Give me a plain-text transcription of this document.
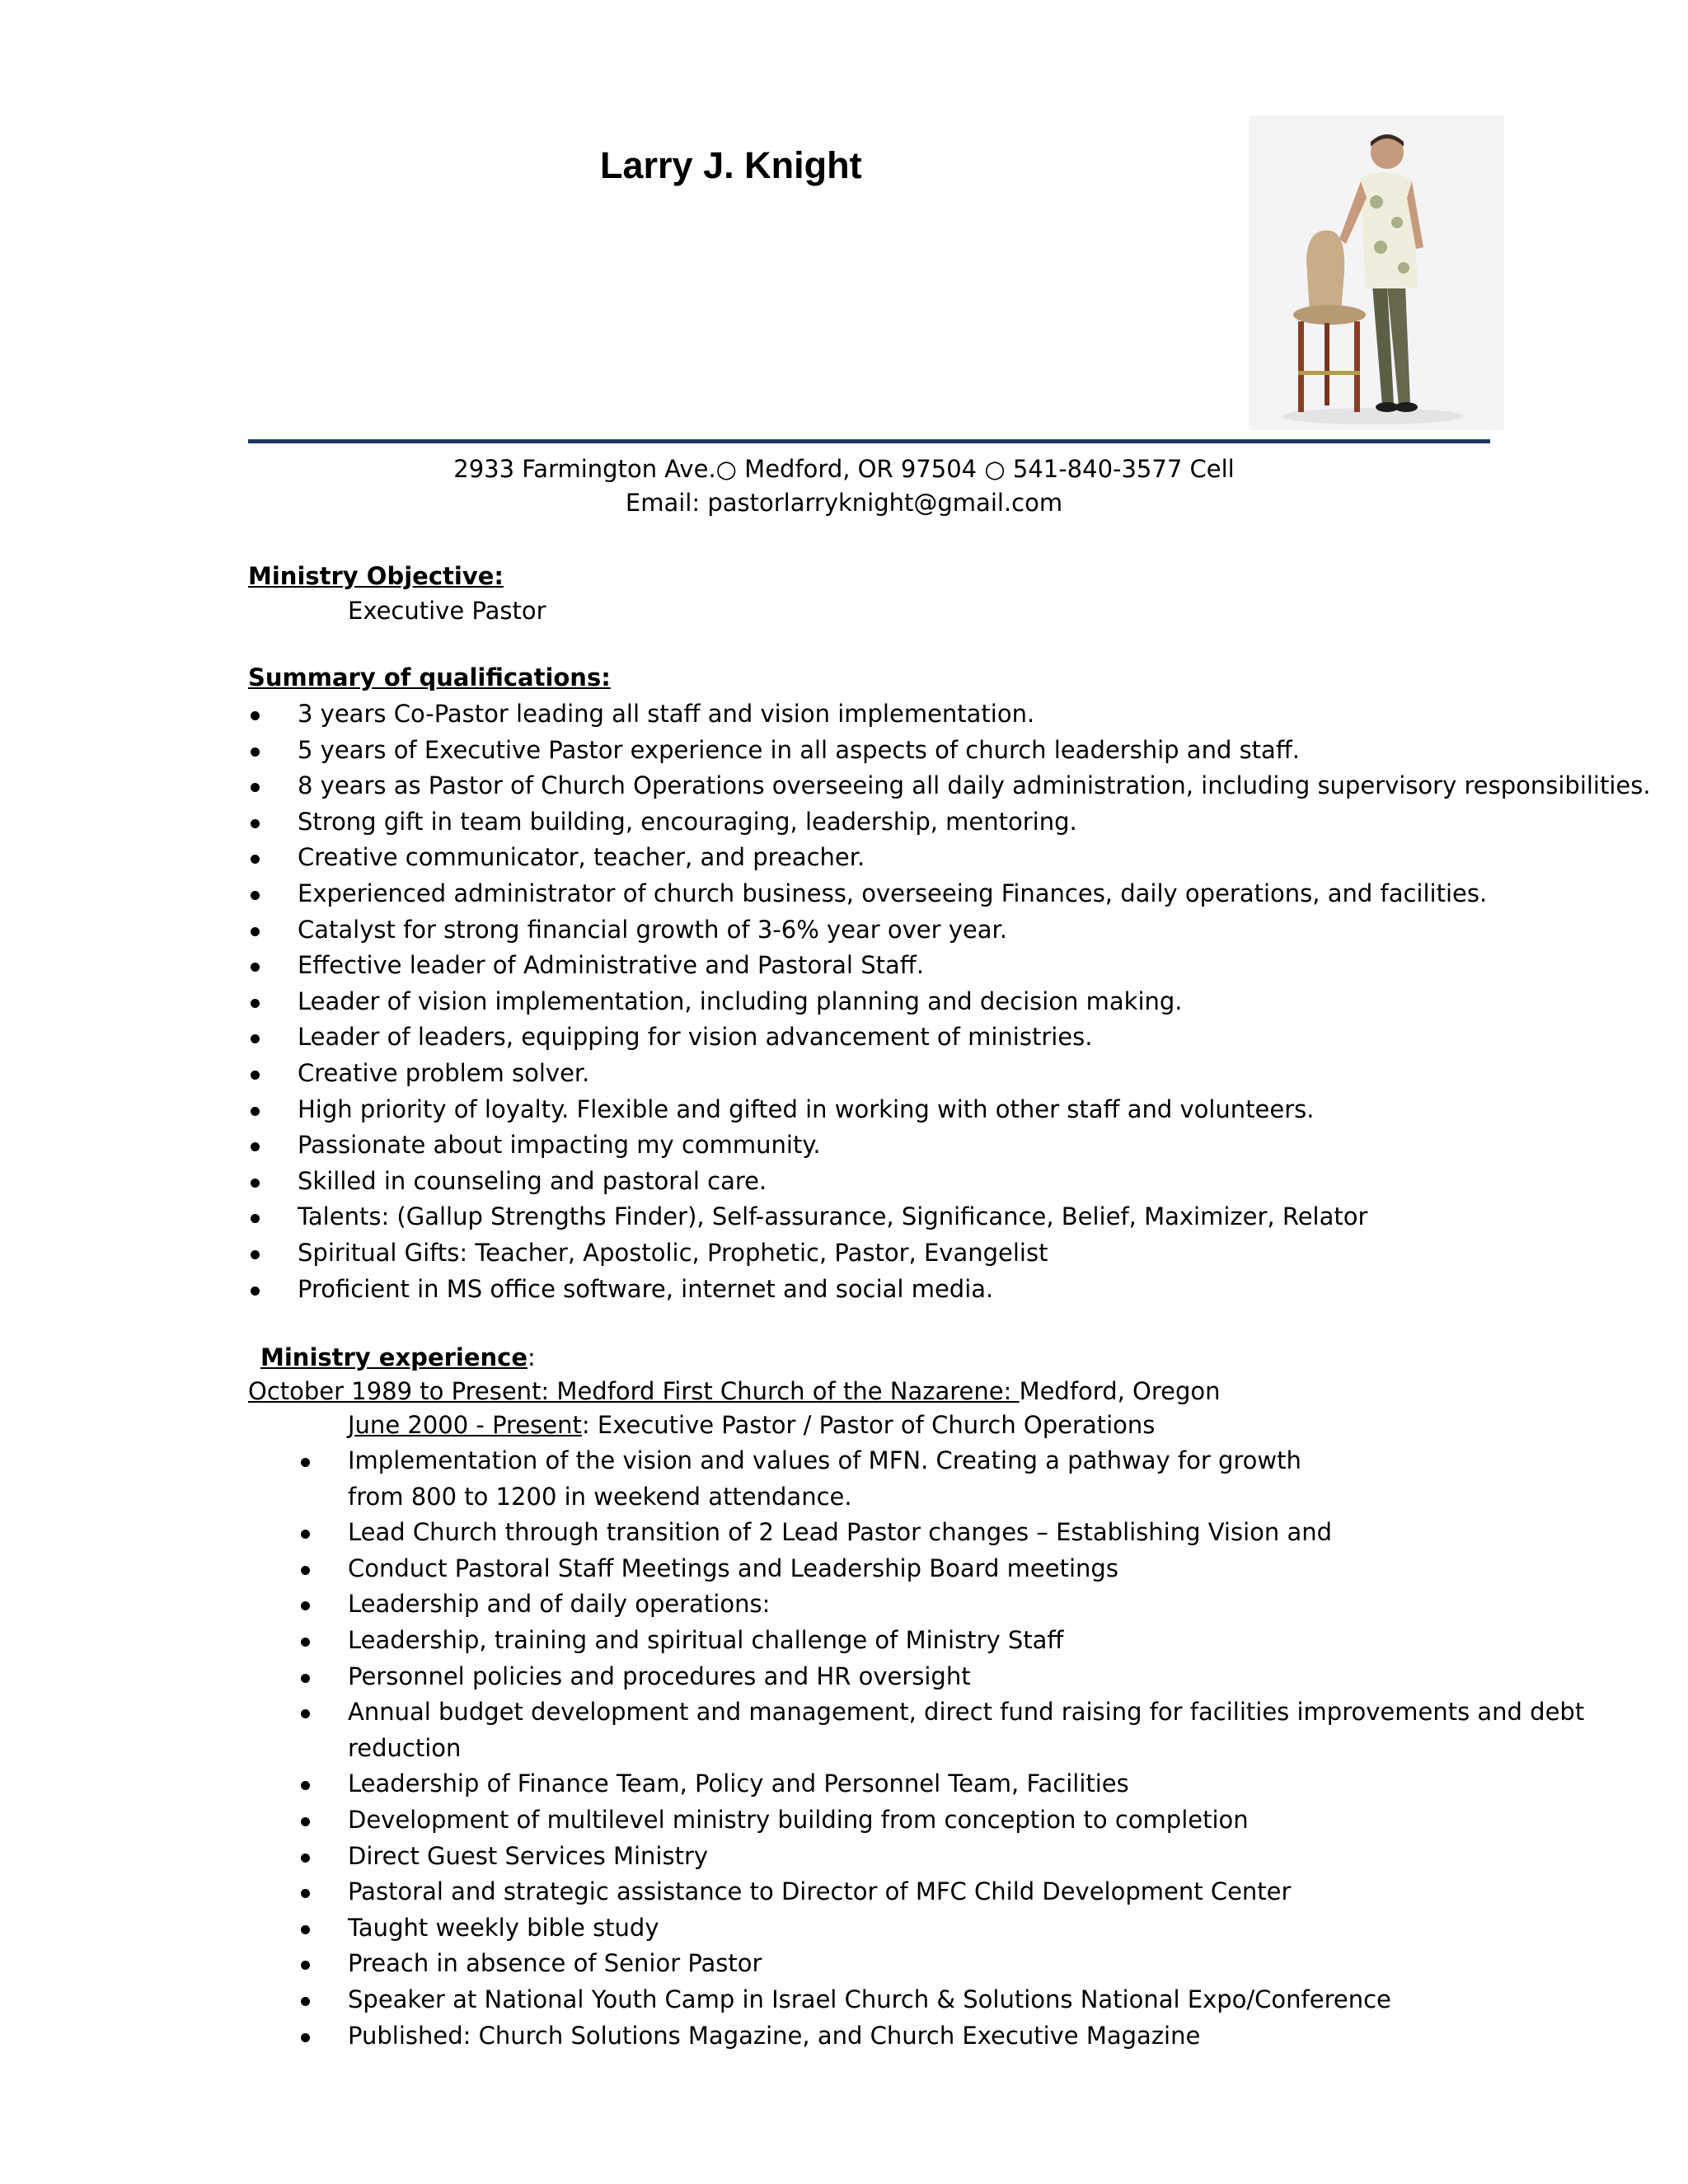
Larry J. Knight
2933 Farmington Ave.○ Medford, OR 97504 ○ 541-840-3577 Cell
Email: pastorlarryknight@gmail.com
Ministry Objective:
Executive Pastor
Summary of qualifications:
3 years Co-Pastor leading all staff and vision implementation.
5 years of Executive Pastor experience in all aspects of church leadership and staff.
8 years as Pastor of Church Operations overseeing all daily administration, including supervisory responsibilities.
Strong gift in team building, encouraging, leadership, mentoring.
Creative communicator, teacher, and preacher.
Experienced administrator of church business, overseeing Finances, daily operations, and facilities.
Catalyst for strong financial growth of 3-6% year over year.
Effective leader of Administrative and Pastoral Staff.
Leader of vision implementation, including planning and decision making.
Leader of leaders, equipping for vision advancement of ministries.
Creative problem solver.
High priority of loyalty. Flexible and gifted in working with other staff and volunteers.
Passionate about impacting my community.
Skilled in counseling and pastoral care.
Talents: (Gallup Strengths Finder), Self-assurance, Significance, Belief, Maximizer, Relator
Spiritual Gifts: Teacher, Apostolic, Prophetic, Pastor, Evangelist
Proficient in MS office software, internet and social media.
Ministry experience:
October 1989 to Present: Medford First Church of the Nazarene: Medford, Oregon
June 2000 - Present: Executive Pastor / Pastor of Church Operations
Implementation of the vision and values of MFN. Creating a pathway for growth
from 800 to 1200 in weekend attendance.
Lead Church through transition of 2 Lead Pastor changes – Establishing Vision and
Conduct Pastoral Staff Meetings and Leadership Board meetings
Leadership and of daily operations:
Leadership, training and spiritual challenge of Ministry Staff
Personnel policies and procedures and HR oversight
Annual budget development and management, direct fund raising for facilities improvements and debt
reduction
Leadership of Finance Team, Policy and Personnel Team, Facilities
Development of multilevel ministry building from conception to completion
Direct Guest Services Ministry
Pastoral and strategic assistance to Director of MFC Child Development Center
Taught weekly bible study
Preach in absence of Senior Pastor
Speaker at National Youth Camp in Israel Church & Solutions National Expo/Conference
Published: Church Solutions Magazine, and Church Executive Magazine
